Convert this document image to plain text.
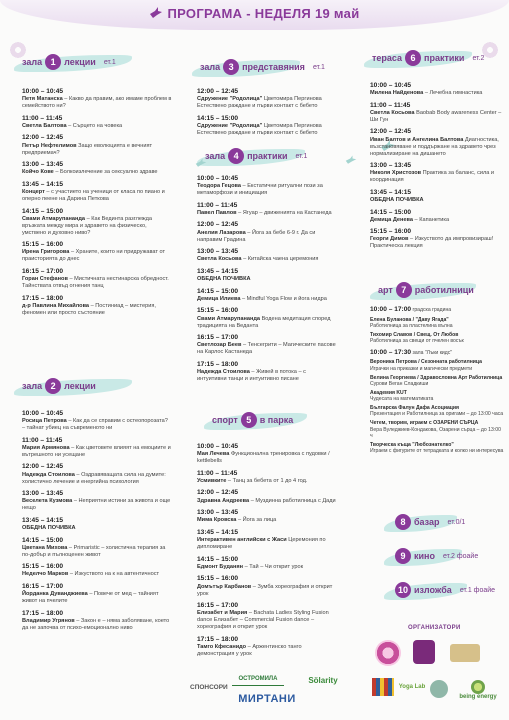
ПРОГРАМА - НЕДЕЛЯ 19 май
зала 1 лекции ет.1
10:00 – 10:45
Петя Матанска – Какво да правим, ако имаме проблем в семейството ни?
11:00 – 11:45
Светла Балтова – Сърцето на човека
12:00 – 12:45
Петър Нефтелимов Защо еволюцията е вечният предприемач?
13:00 – 13:45
Койчо Кове – Болкоизлечение за сексуално здраве
13:45 – 14:15
Концерт – с участието на ученици от класа по пиано и оперно пеене на Дарина Петкова
14:15 – 15:00
Свами Атмарупананда – Как Вединта разглежда връзката между мира и здравето на физическо, умствено и духовно ниво?
15:15 – 16:00
Ирена Григорова – Храните, които ни придружават от праисторията до днес
16:15 – 17:00
Горан Стефанов – Мистичната нестинарска обредност. Тайнствата отвъд огнения танц
17:15 – 18:00
д-р Павлина Михайлова – Постиниад – мистерия, феномен или просто състояние
зала 2 лекции
10:00 – 10:45
Росица Петрова – Как да се справим с остеопорозата? – тайнат убиец на съвременото ни
11:00 – 11:45
Мария Армянова – Как цветовете влияят на емоциите и вътрешното ни усещане
12:00 – 12:45
Надежда Стоилова – Оздравяващата сила на думите: холистично лечение и енергийна психология
13:00 – 13:45
Веселета Кузмова – Неприятни истини за живота и още нещо
13:45 – 14:15
ОБЕДНА ПОЧИВКА
14:15 – 15:00
Цветана Михова – Primaristic – холистична терапия за по-добър и пълноценен живот
15:15 – 16:00
Неделчо Марков – Изкуството на к на автентичност
16:15 – 17:00
Йорданка Дуванджиева – Повече от мед – тайният живот на пчелите
17:15 – 18:00
Владимир Угрянов – Закон е – няма заболяване, което да не започва от психо-емоционално ниво
зала 3 представяния ет.1
12:00 – 12:45
Сдружение "Родолица" Цветомира Пергинова Естествено раждане и първи контакт с бебето
14:15 – 15:00
Сдружение "Родолица" Цветомира Пергинова Естествено раждане и първи контакт с бебето
зала 4 практики ет.1
10:00 – 10:45
Теодора Гецова – Екстатични ритуални пози за метаморфози и инициация
11:00 – 11:45
Павел Павлов – Ягуар – движенията на Кастанеда
12:00 – 12:45
Анелия Лазарова – Йога за бебе 6-9 г. Да си направим Градина
13:00 – 13:45
Светла Косьова – Китайска чаена церемония
13:45 – 14:15
ОБЕДНА ПОЧИВКА
14:15 – 15:00
Демица Илиева – Mindful Yoga Flow и йога нидра
15:15 – 16:00
Свами Атмарупананда Водена медитация според традицията на Веданта
16:15 – 17:00
Светлозар Беев – Тенсегрити – Магическите пасове на Карлос Кастанеда
17:15 – 18:00
Надежда Стоилова – Живей в потока – с интуитивни танци и интуитивно писане
спорт 5 в парка
10:00 – 10:45
Мая Лечева Функционална тренировка с пудовки / kettlebells
11:00 – 11:45
Усмивките – Танц за бебета от 1 до 4 год.
12:00 – 12:45
Здравна Андреева – Муздинна работилница с Дади
13:00 – 13:45
Мима Кровска – Йога за лица
13:45 – 14:15
Интерактивен английски с Жаси Церемония по дипломиране
14:15 – 15:00
Едмонт Буданян – Тай – Чи открит урок
15:15 – 16:00
Домътър Карбанов – Зумба хореография и открит урок
16:15 – 17:00
Елизабет и Мария – Bachata Ladies Styling Fusion dance Елизабет – Commercial Fusion dance – хореография и открит урок
17:15 – 18:00
Тамго Кфесанидо – Аржентинско танго демонстрация у урок
тераса 6 практики ет.2
10:00 – 10:45
Милена Найденова – Лечебна гимнастика
11:00 – 11:45
Светла Косьова Baobab Body awareness Center – Ши Гун
12:00 – 12:45
Иван Балтов и Ангелина Балтова Диагностика, възстановяване и поддържане на здравето чрез нормализиране на дишането
13:00 – 13:45
Николя Христозов Практика за баланс, сила и координация
13:45 – 14:15
ОБЕДНА ПОЧИВКА
14:15 – 15:00
Демица Денева – Капанетика
15:15 – 16:00
Георги Димов – Изкуството да импровизираш! Практическа лекция
арт 7 работилници
10:00 – 17:00 градска градина
Елена Буланова / "Даву Ягада"
Работилница за пластелина вълна
Тихомир Славов / Свещ. От Любов
Работилница за свещи от пчелен восък
10:00 – 17:30 зала "Лъки кидс"
Вероника Петрова / Сезонната работилница
Играчки на приказки и магически предмети
Велина Георгиева / Здравословна Арт Работилница
Сурови Веган Сладкиши
Академия KUT
Чудесата на математиката
Българска Фалун Дафа Асоциация
Презентация и Работилница за оригами – до 13:00 часа
Четем, творим, играем с ОЗАРЕНИ СЪРЦА
Вера Вуледжиев-Кондакова, Озарени сърца – до 13:00 ч
Творческа къща "Любознателко"
Играем с фигурите от тетрадката и колко ни интересува
8 базар ет.0/1
9 кино ет.2 фоайе
10 изложба ет.1 фоайе
ОРГАНИЗАТОРИ
Yoga Lab
being energy
СПОНСОРИ
ОСТРОМИЛА
МИРТАНИ
Sölarity
